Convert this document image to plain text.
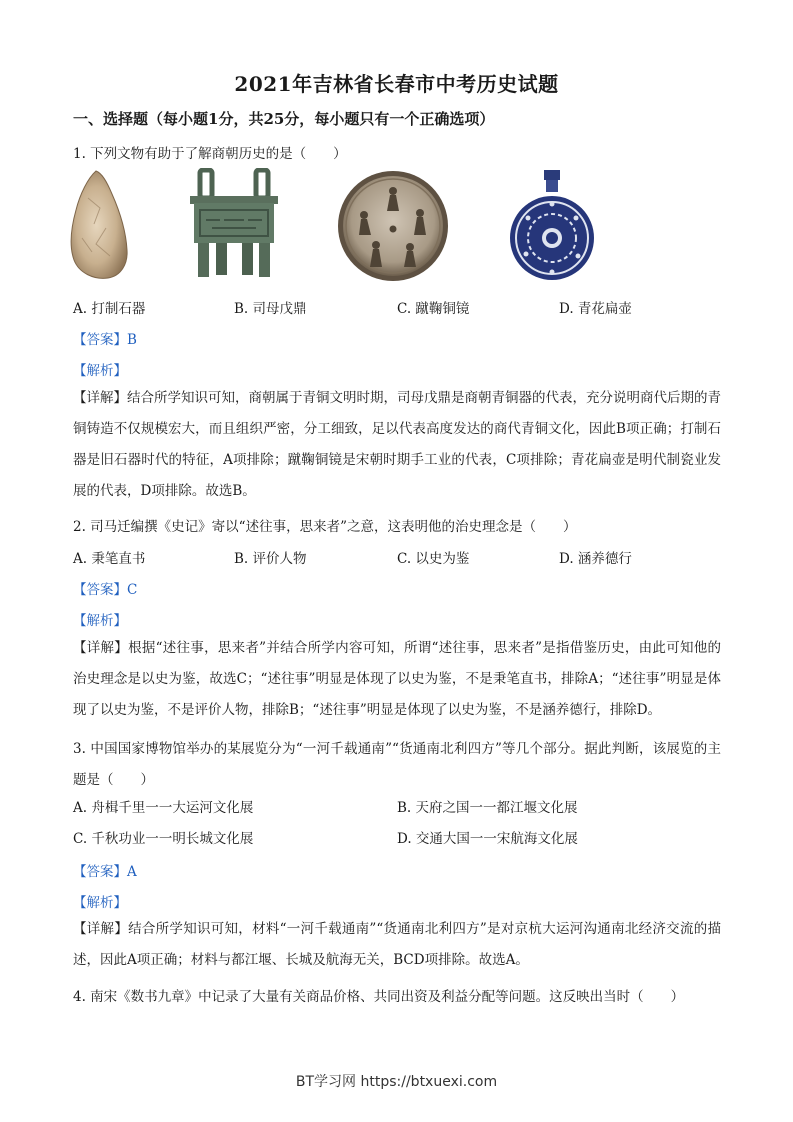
2021年吉林省长春市中考历史试题
一、选择题（每小题1分，共25分，每小题只有一个正确选项）
1. 下列文物有助于了解商朝历史的是（　　）
A. 打制石器	B. 司母戊鼎	C. 蹴鞠铜镜	D. 青花扁壶
【答案】B
【解析】
【详解】结合所学知识可知，商朝属于青铜文明时期，司母戊鼎是商朝青铜器的代表，充分说明商代后期的青铜铸造不仅规模宏大，而且组织严密，分工细致，足以代表高度发达的商代青铜文化，因此B项正确；打制石器是旧石器时代的特征，A项排除；蹴鞠铜镜是宋朝时期手工业的代表，C项排除；青花扁壶是明代制瓷业发展的代表，D项排除。故选B。
2. 司马迁编撰《史记》寄以“述往事，思来者”之意，这表明他的治史理念是（　　）
A. 秉笔直书	B. 评价人物	C. 以史为鉴	D. 涵养德行
【答案】C
【解析】
【详解】根据“述往事，思来者”并结合所学内容可知，所谓“述往事，思来者”是指借鉴历史，由此可知他的治史理念是以史为鉴，故选C；“述往事”明显是体现了以史为鉴，不是秉笔直书，排除A；“述往事”明显是体现了以史为鉴，不是评价人物，排除B；“述往事”明显是体现了以史为鉴，不是涵养德行，排除D。
3. 中国国家博物馆举办的某展览分为“一河千载通南”“货通南北利四方”等几个部分。据此判断，该展览的主题是（　　）
A. 舟楫千里一一大运河文化展	B. 天府之国一一都江堰文化展
C. 千秋功业一一明长城文化展	D. 交通大国一一宋航海文化展
【答案】A
【解析】
【详解】结合所学知识可知，材料“一河千载通南”“货通南北利四方”是对京杭大运河沟通南北经济交流的描述，因此A项正确；材料与都江堰、长城及航海无关，BCD项排除。故选A。
4. 南宋《数书九章》中记录了大量有关商品价格、共同出资及利益分配等问题。这反映出当时（　　）
BT学习网 https://btxuexi.com
